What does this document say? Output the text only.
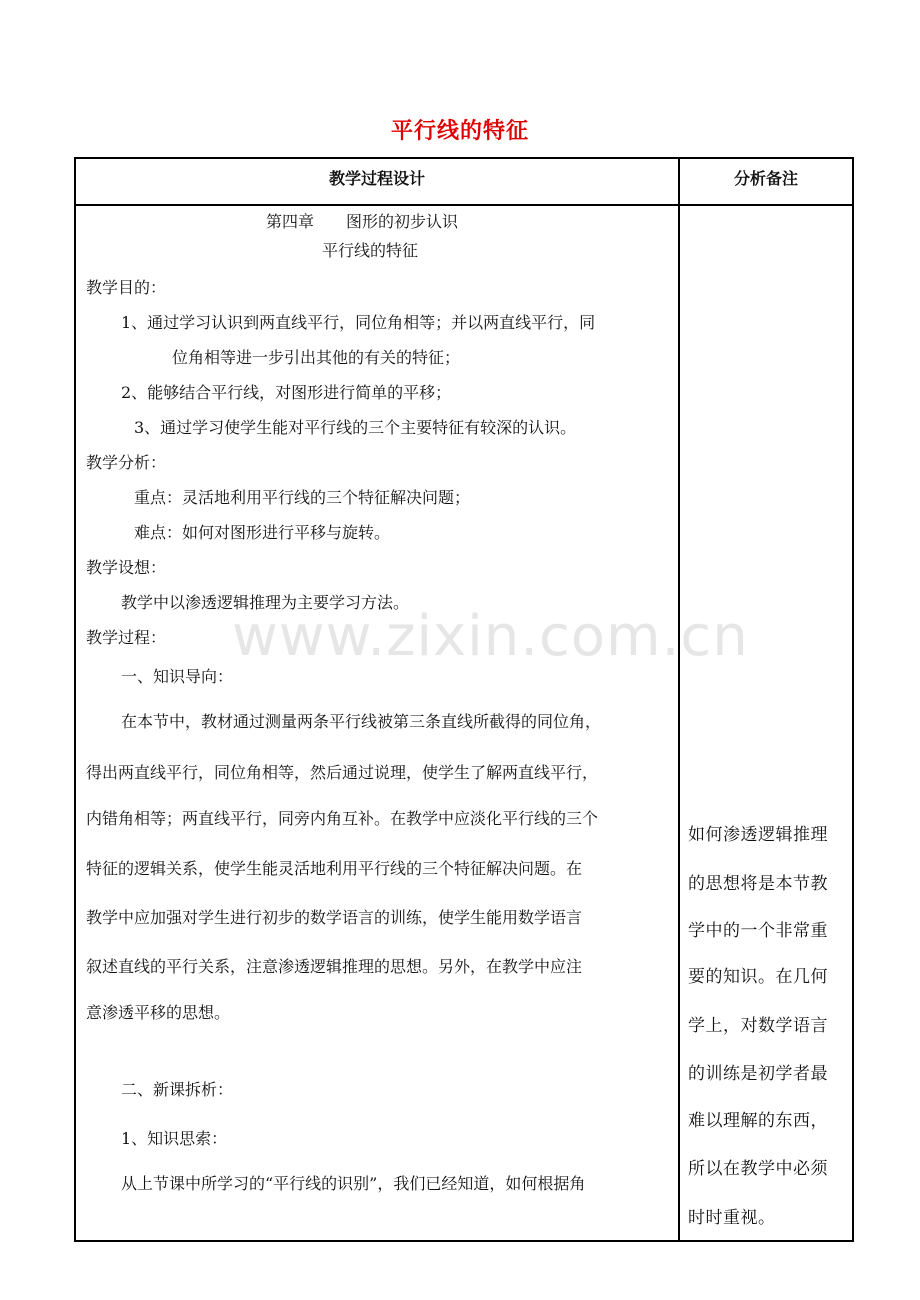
平行线的特征
教学过程设计	分析备注
www.zixin.com.cn
第四章　　图形的初步认识
平行线的特征
教学目的：
1、通过学习认识到两直线平行，同位角相等；并以两直线平行，同
位角相等进一步引出其他的有关的特征；
2、能够结合平行线，对图形进行简单的平移；
3、通过学习使学生能对平行线的三个主要特征有较深的认识。
教学分析：
重点：灵活地利用平行线的三个特征解决问题；
难点：如何对图形进行平移与旋转。
教学设想：
教学中以渗透逻辑推理为主要学习方法。
教学过程：
一、知识导向：
在本节中，教材通过测量两条平行线被第三条直线所截得的同位角，
得出两直线平行，同位角相等，然后通过说理，使学生了解两直线平行，
内错角相等；两直线平行，同旁内角互补。在教学中应淡化平行线的三个
特征的逻辑关系，使学生能灵活地利用平行线的三个特征解决问题。在
教学中应加强对学生进行初步的数学语言的训练，使学生能用数学语言
叙述直线的平行关系，注意渗透逻辑推理的思想。另外，在教学中应注
意渗透平移的思想。
二、新课拆析：
1、知识思索：
从上节课中所学习的“平行线的识别”，我们已经知道，如何根据角
如何渗透逻辑推理
的思想将是本节教
学中的一个非常重
要的知识。在几何
学上，对数学语言
的训练是初学者最
难以理解的东西，
所以在教学中必须
时时重视。
